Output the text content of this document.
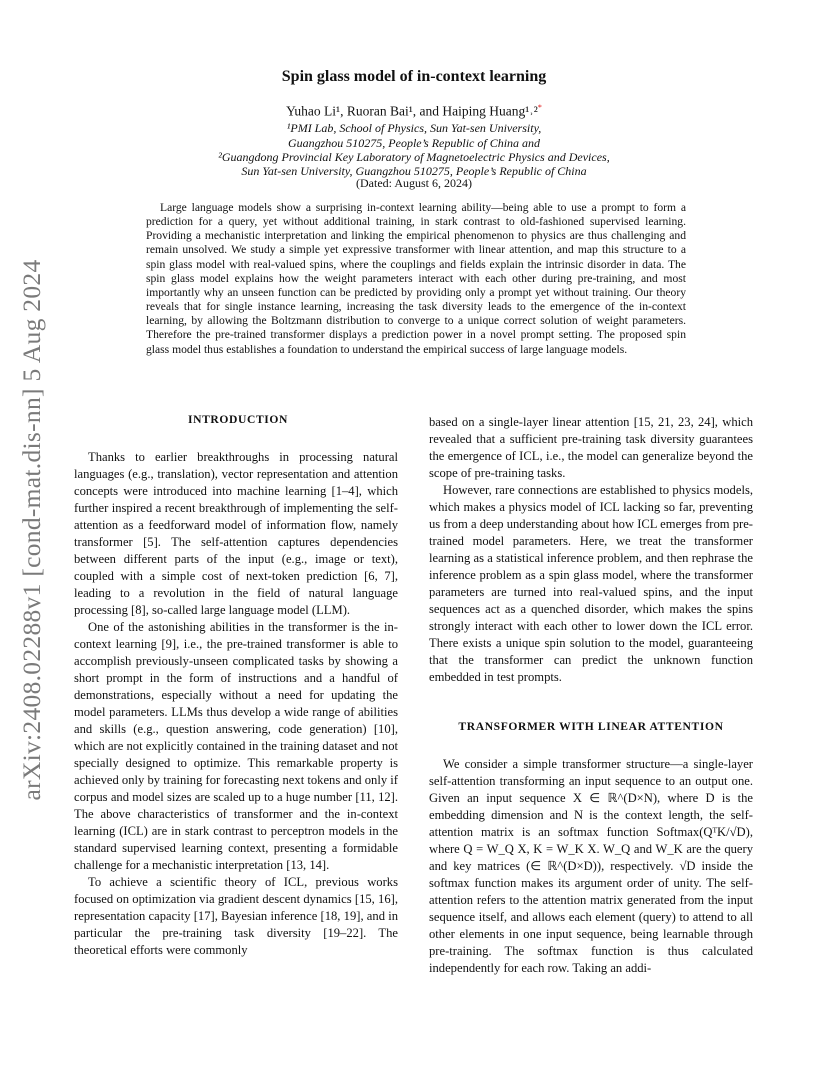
arXiv:2408.02288v1 [cond-mat.dis-nn] 5 Aug 2024
Spin glass model of in-context learning
Yuhao Li¹, Ruoran Bai¹, and Haiping Huang¹˒²*
¹PMI Lab, School of Physics, Sun Yat-sen University,
Guangzhou 510275, People’s Republic of China and
²Guangdong Provincial Key Laboratory of Magnetoelectric Physics and Devices,
Sun Yat-sen University, Guangzhou 510275, People’s Republic of China
(Dated: August 6, 2024)
Large language models show a surprising in-context learning ability—being able to use a prompt to form a prediction for a query, yet without additional training, in stark contrast to old-fashioned supervised learning. Providing a mechanistic interpretation and linking the empirical phenomenon to physics are thus challenging and remain unsolved. We study a simple yet expressive transformer with linear attention, and map this structure to a spin glass model with real-valued spins, where the couplings and fields explain the intrinsic disorder in data. The spin glass model explains how the weight parameters interact with each other during pre-training, and most importantly why an unseen function can be predicted by providing only a prompt yet without training. Our theory reveals that for single instance learning, increasing the task diversity leads to the emergence of the in-context learning, by allowing the Boltzmann distribution to converge to a unique correct solution of weight parameters. Therefore the pre-trained transformer displays a prediction power in a novel prompt setting. The proposed spin glass model thus establishes a foundation to understand the empirical success of large language models.
INTRODUCTION

Thanks to earlier breakthroughs in processing natural languages (e.g., translation), vector representation and attention concepts were introduced into machine learning [1–4], which further inspired a recent breakthrough of implementing the self-attention as a feedforward model of information flow, namely transformer [5]. The self-attention captures dependencies between different parts of the input (e.g., image or text), coupled with a simple cost of next-token prediction [6, 7], leading to a revolution in the field of natural language processing [8], so-called large language model (LLM).

One of the astonishing abilities in the transformer is the in-context learning [9], i.e., the pre-trained transformer is able to accomplish previously-unseen complicated tasks by showing a short prompt in the form of instructions and a handful of demonstrations, especially without a need for updating the model parameters. LLMs thus develop a wide range of abilities and skills (e.g., question answering, code generation) [10], which are not explicitly contained in the training dataset and not specially designed to optimize. This remarkable property is achieved only by training for forecasting next tokens and only if corpus and model sizes are scaled up to a huge number [11, 12]. The above characteristics of transformer and the in-context learning (ICL) are in stark contrast to perceptron models in the standard supervised learning context, presenting a formidable challenge for a mechanistic interpretation [13, 14].

To achieve a scientific theory of ICL, previous works focused on optimization via gradient descent dynamics [15, 16], representation capacity [17], Bayesian inference [18, 19], and in particular the pre-training task diversity [19–22]. The theoretical efforts were commonly

based on a single-layer linear attention [15, 21, 23, 24], which revealed that a sufficient pre-training task diversity guarantees the emergence of ICL, i.e., the model can generalize beyond the scope of pre-training tasks.

However, rare connections are established to physics models, which makes a physics model of ICL lacking so far, preventing us from a deep understanding about how ICL emerges from pre-trained model parameters. Here, we treat the transformer learning as a statistical inference problem, and then rephrase the inference problem as a spin glass model, where the transformer parameters are turned into real-valued spins, and the input sequences act as a quenched disorder, which makes the spins strongly interact with each other to lower down the ICL error. There exists a unique spin solution to the model, guaranteeing that the transformer can predict the unknown function embedded in test prompts.

TRANSFORMER WITH LINEAR ATTENTION

We consider a simple transformer structure—a single-layer self-attention transforming an input sequence to an output one. Given an input sequence X ∈ ℝ^(D×N), where D is the embedding dimension and N is the context length, the self-attention matrix is an softmax function Softmax(QᵀK/√D), where Q = W_Q X, K = W_K X. W_Q and W_K are the query and key matrices (∈ ℝ^(D×D)), respectively. √D inside the softmax function makes its argument order of unity. The self-attention refers to the attention matrix generated from the input sequence itself, and allows each element (query) to attend to all other elements in one input sequence, being learnable through pre-training. The softmax function is thus calculated independently for each row. Taking an addi-
